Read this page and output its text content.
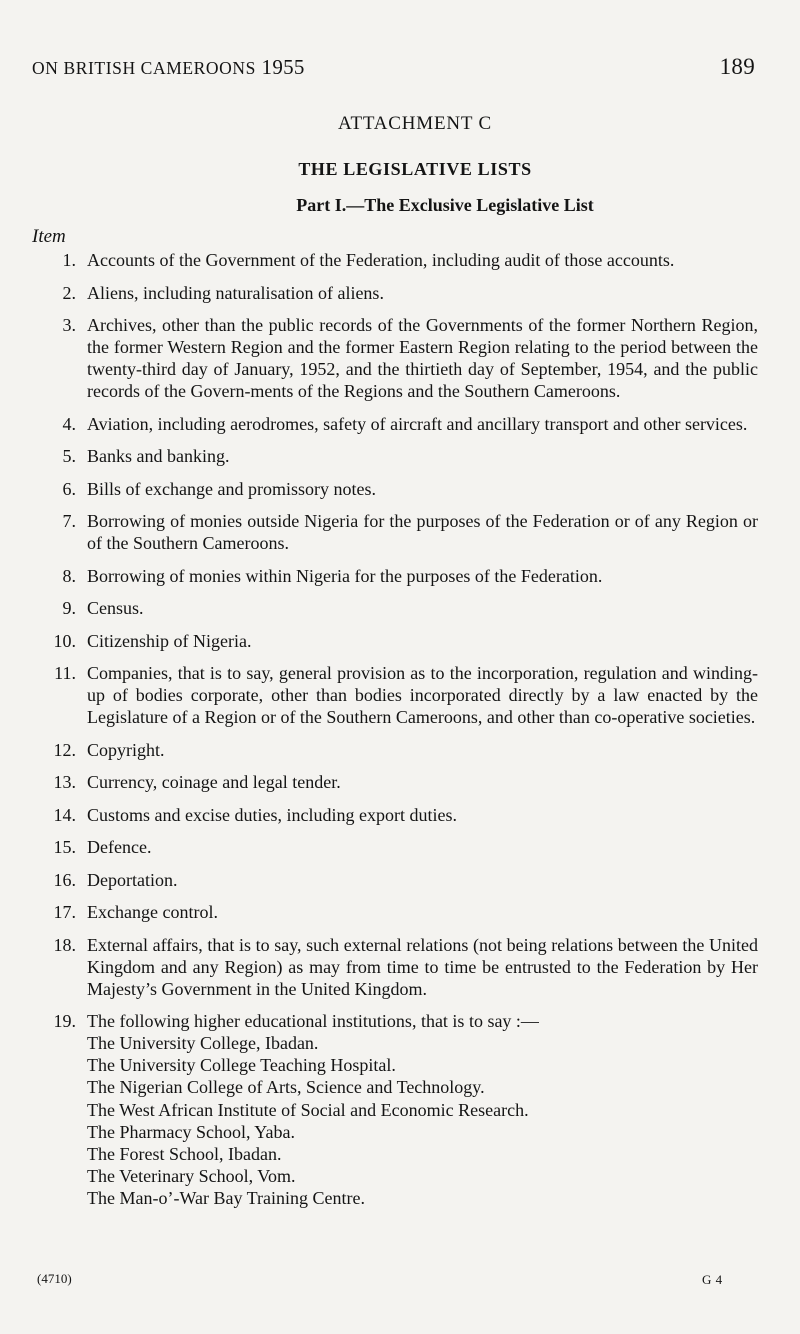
ON BRITISH CAMEROONS 1955	189
ATTACHMENT C
THE LEGISLATIVE LISTS
Part I.—The Exclusive Legislative List
Item
1. Accounts of the Government of the Federation, including audit of those accounts.
2. Aliens, including naturalisation of aliens.
3. Archives, other than the public records of the Governments of the former Northern Region, the former Western Region and the former Eastern Region relating to the period between the twenty-third day of January, 1952, and the thirtieth day of September, 1954, and the public records of the Govern-ments of the Regions and the Southern Cameroons.
4. Aviation, including aerodromes, safety of aircraft and ancillary transport and other services.
5. Banks and banking.
6. Bills of exchange and promissory notes.
7. Borrowing of monies outside Nigeria for the purposes of the Federation or of any Region or of the Southern Cameroons.
8. Borrowing of monies within Nigeria for the purposes of the Federation.
9. Census.
10. Citizenship of Nigeria.
11. Companies, that is to say, general provision as to the incorporation, regulation and winding-up of bodies corporate, other than bodies incorporated directly by a law enacted by the Legislature of a Region or of the Southern Cameroons, and other than co-operative societies.
12. Copyright.
13. Currency, coinage and legal tender.
14. Customs and excise duties, including export duties.
15. Defence.
16. Deportation.
17. Exchange control.
18. External affairs, that is to say, such external relations (not being relations between the United Kingdom and any Region) as may from time to time be entrusted to the Federation by Her Majesty’s Government in the United Kingdom.
19. The following higher educational institutions, that is to say :—
The University College, Ibadan.
The University College Teaching Hospital.
The Nigerian College of Arts, Science and Technology.
The West African Institute of Social and Economic Research.
The Pharmacy School, Yaba.
The Forest School, Ibadan.
The Veterinary School, Vom.
The Man-o’-War Bay Training Centre.
(4710)	G 4
